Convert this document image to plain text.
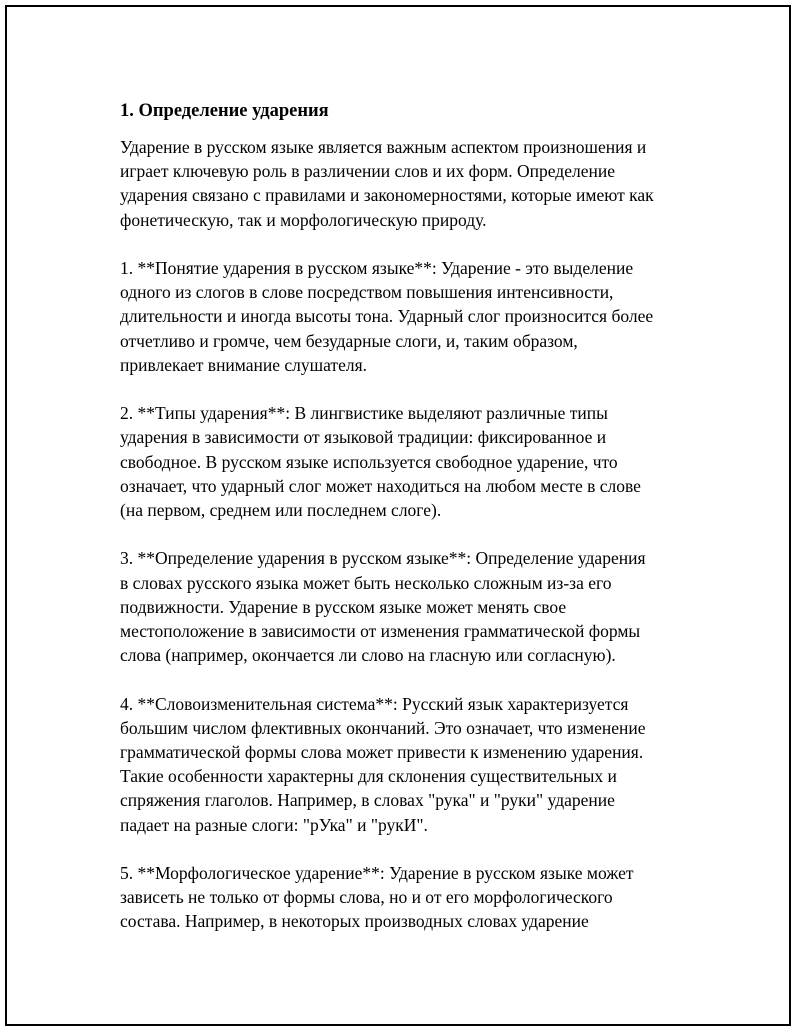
1. Определение ударения
Ударение в русском языке является важным аспектом произношения и
играет ключевую роль в различении слов и их форм. Определение
ударения связано с правилами и закономерностями, которые имеют как
фонетическую, так и морфологическую природу.
1. **Понятие ударения в русском языке**: Ударение - это выделение
одного из слогов в слове посредством повышения интенсивности,
длительности и иногда высоты тона. Ударный слог произносится более
отчетливо и громче, чем безударные слоги, и, таким образом,
привлекает внимание слушателя.
2. **Типы ударения**: В лингвистике выделяют различные типы
ударения в зависимости от языковой традиции: фиксированное и
свободное. В русском языке используется свободное ударение, что
означает, что ударный слог может находиться на любом месте в слове
(на первом, среднем или последнем слоге).
3. **Определение ударения в русском языке**: Определение ударения
в словах русского языка может быть несколько сложным из-за его
подвижности. Ударение в русском языке может менять свое
местоположение в зависимости от изменения грамматической формы
слова (например, окончается ли слово на гласную или согласную).
4. **Словоизменительная система**: Русский язык характеризуется
большим числом флективных окончаний. Это означает, что изменение
грамматической формы слова может привести к изменению ударения.
Такие особенности характерны для склонения существительных и
спряжения глаголов. Например, в словах "рука" и "руки" ударение
падает на разные слоги: "рУка" и "рукИ".
5. **Морфологическое ударение**: Ударение в русском языке может
зависеть не только от формы слова, но и от его морфологического
состава. Например, в некоторых производных словах ударение
